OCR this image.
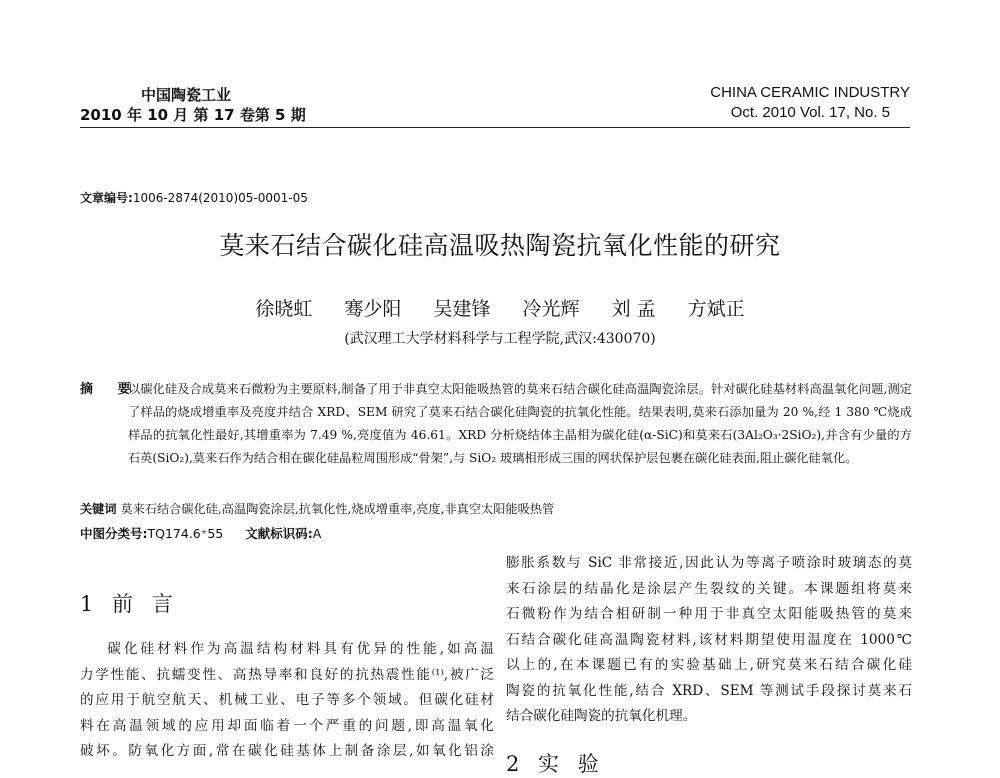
中国陶瓷工业
2010 年 10 月 第 17 卷第 5 期
CHINA CERAMIC INDUSTRY
Oct. 2010 Vol. 17, No. 5
文章编号:1006-2874(2010)05-0001-05
莫来石结合碳化硅高温吸热陶瓷抗氧化性能的研究
徐晓虹 骞少阳 吴建锋 冷光辉 刘 孟 方斌正
(武汉理工大学材料科学与工程学院,武汉:430070)
摘 要
以碳化硅及合成莫来石微粉为主要原料,制备了用于非真空太阳能吸热管的莫来石结合碳化硅高温陶瓷涂层。针对碳化硅基材料高温氧化问题,测定了样品的烧成增重率及亮度并结合 XRD、SEM 研究了莫来石结合碳化硅陶瓷的抗氧化性能。结果表明,莫来石添加量为 20 %,经 1 380 ℃烧成样品的抗氧化性最好,其增重率为 7.49 %,亮度值为 46.61。XRD 分析烧结体主晶相为碳化硅(α-SiC)和莫来石(3Al₂O₃·2SiO₂),并含有少量的方石英(SiO₂),莫来石作为结合相在碳化硅晶粒周围形成“骨架”,与 SiO₂ 玻璃相形成三围的网状保护层包裹在碳化硅表面,阻止碳化硅氧化。
关键词 莫来石结合碳化硅,高温陶瓷涂层,抗氧化性,烧成增重率,亮度,非真空太阳能吸热管
中图分类号:TQ174.6⁺55 文献标识码:A
1 前 言
碳化硅材料作为高温结构材料具有优异的性能,如高温
力学性能、抗蠕变性、高热导率和良好的抗热震性能⁽¹⁾,被广泛
的应用于航空航天、机械工业、电子等多个领域。但碳化硅材
料在高温领域的应用却面临着一个严重的问题,即高温氧化
破坏。防氧化方面,常在碳化硅基体上制备涂层,如氧化铝涂
膨胀系数与 SiC 非常接近,因此认为等离子喷涂时玻璃态的莫
来石涂层的结晶化是涂层产生裂纹的关键。本课题组将莫来
石微粉作为结合相研制一种用于非真空太阳能吸热管的莫来
石结合碳化硅高温陶瓷材料,该材料期望使用温度在 1000℃
以上的,在本课题已有的实验基础上,研究莫来石结合碳化硅
陶瓷的抗氧化性能,结合 XRD、SEM 等测试手段探讨莫来石
结合碳化硅陶瓷的抗氧化机理。
2 实 验
